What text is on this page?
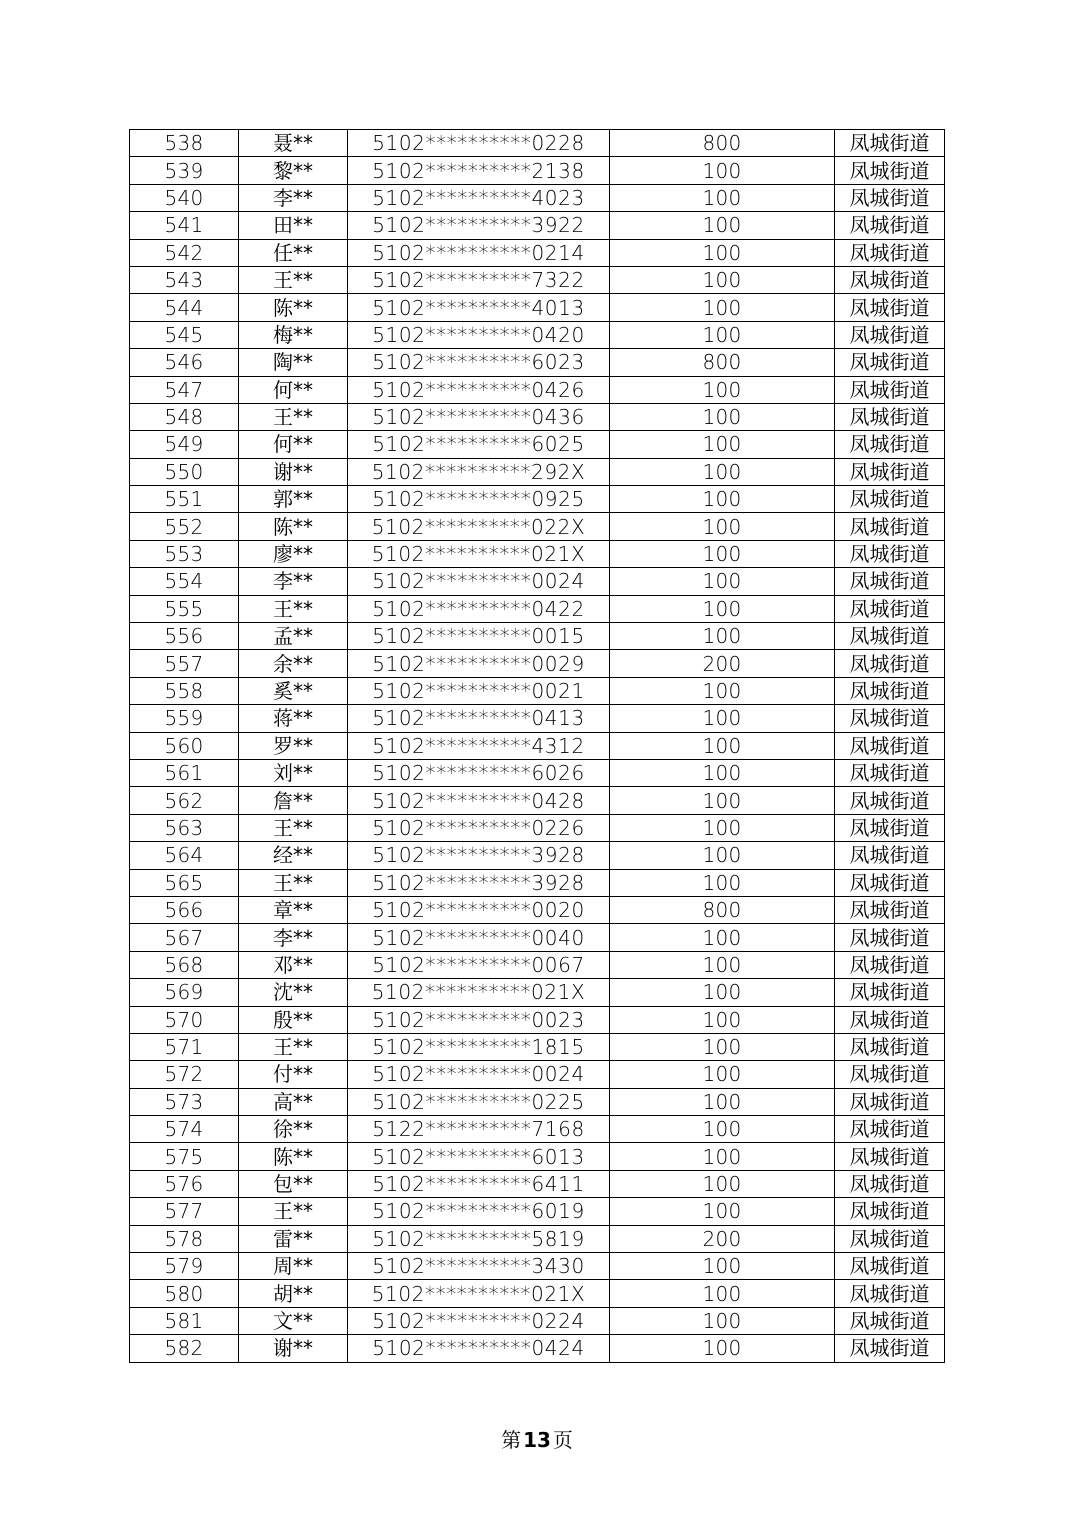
538	聂**	5102**********0228	800	凤城街道
539	黎**	5102**********2138	100	凤城街道
540	李**	5102**********4023	100	凤城街道
541	田**	5102**********3922	100	凤城街道
542	任**	5102**********0214	100	凤城街道
543	王**	5102**********7322	100	凤城街道
544	陈**	5102**********4013	100	凤城街道
545	梅**	5102**********0420	100	凤城街道
546	陶**	5102**********6023	800	凤城街道
547	何**	5102**********0426	100	凤城街道
548	王**	5102**********0436	100	凤城街道
549	何**	5102**********6025	100	凤城街道
550	谢**	5102**********292X	100	凤城街道
551	郭**	5102**********0925	100	凤城街道
552	陈**	5102**********022X	100	凤城街道
553	廖**	5102**********021X	100	凤城街道
554	李**	5102**********0024	100	凤城街道
555	王**	5102**********0422	100	凤城街道
556	孟**	5102**********0015	100	凤城街道
557	余**	5102**********0029	200	凤城街道
558	奚**	5102**********0021	100	凤城街道
559	蒋**	5102**********0413	100	凤城街道
560	罗**	5102**********4312	100	凤城街道
561	刘**	5102**********6026	100	凤城街道
562	詹**	5102**********0428	100	凤城街道
563	王**	5102**********0226	100	凤城街道
564	经**	5102**********3928	100	凤城街道
565	王**	5102**********3928	100	凤城街道
566	章**	5102**********0020	800	凤城街道
567	李**	5102**********0040	100	凤城街道
568	邓**	5102**********0067	100	凤城街道
569	沈**	5102**********021X	100	凤城街道
570	殷**	5102**********0023	100	凤城街道
571	王**	5102**********1815	100	凤城街道
572	付**	5102**********0024	100	凤城街道
573	高**	5102**********0225	100	凤城街道
574	徐**	5122**********7168	100	凤城街道
575	陈**	5102**********6013	100	凤城街道
576	包**	5102**********6411	100	凤城街道
577	王**	5102**********6019	100	凤城街道
578	雷**	5102**********5819	200	凤城街道
579	周**	5102**********3430	100	凤城街道
580	胡**	5102**********021X	100	凤城街道
581	文**	5102**********0224	100	凤城街道
582	谢**	5102**********0424	100	凤城街道
第 13 页
